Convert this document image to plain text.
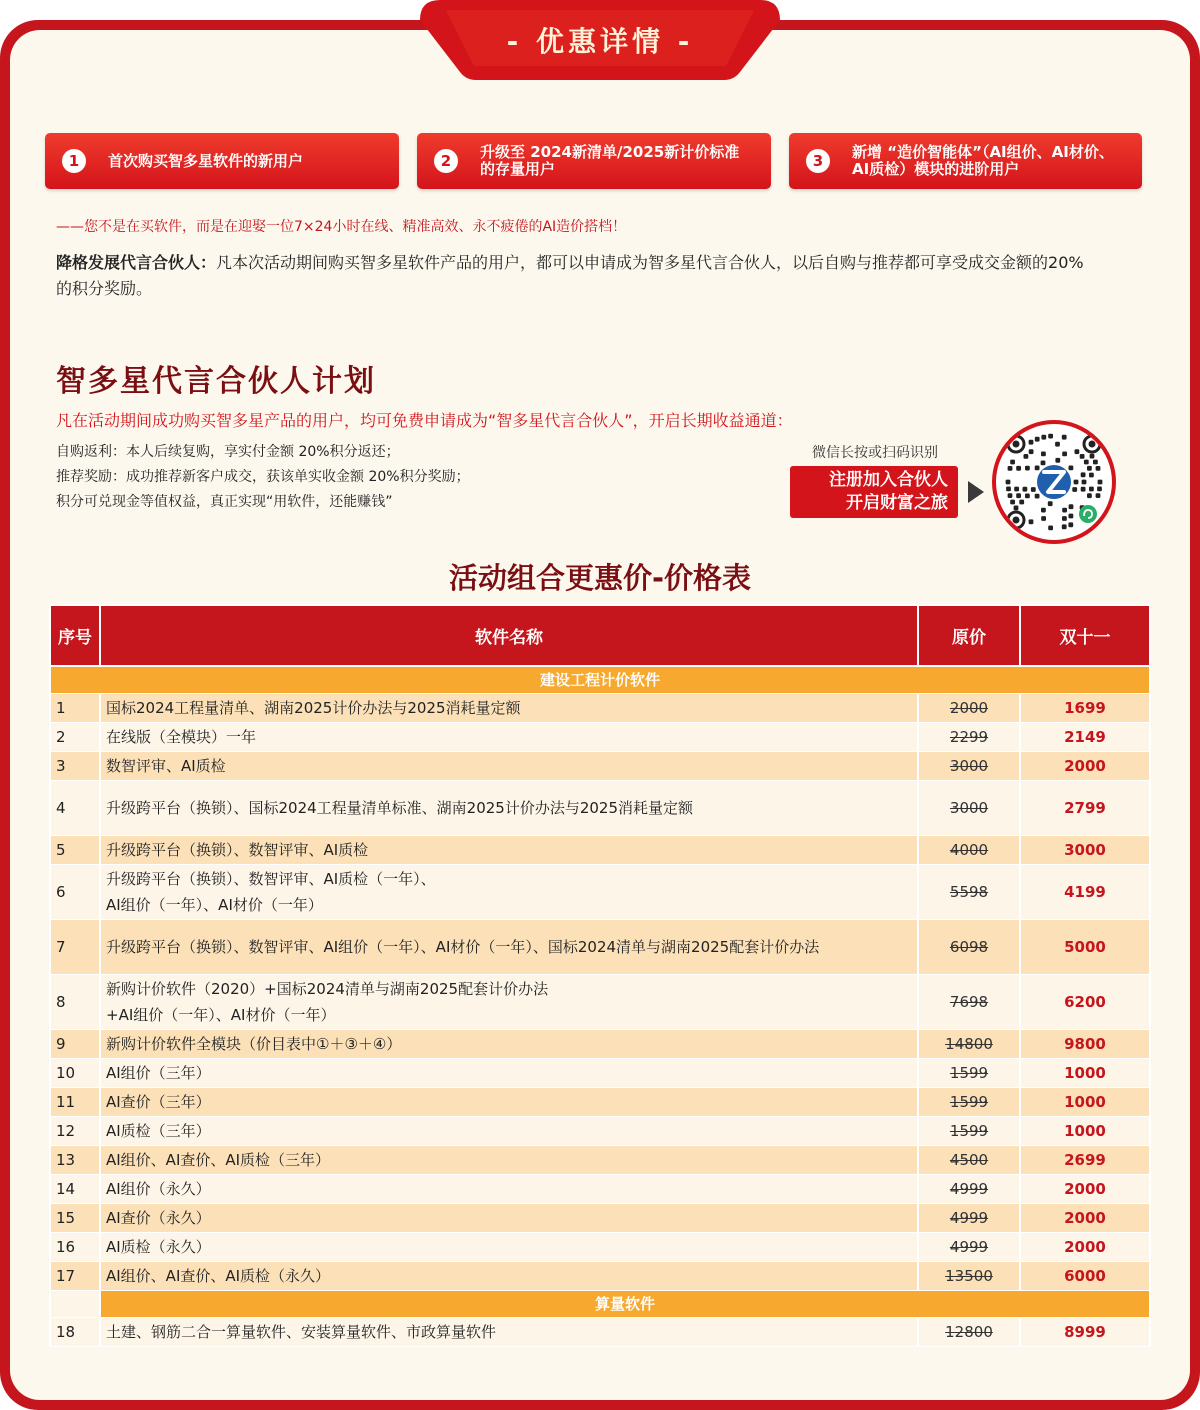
- 优惠详情 -
1	首次购买智多星软件的新用户	2	升级至 2024新清单/2025新计价标准 的存量用户	3	新增 “造价智能体”（AI组价、AI材价、AI质检）模块的进阶用户
——您不是在买软件，而是在迎娶一位7×24小时在线、精准高效、永不疲倦的AI造价搭档！
降格发展代言合伙人：凡本次活动期间购买智多星软件产品的用户，都可以申请成为智多星代言合伙人，以后自购与推荐都可享受成交金额的20%的积分奖励。
智多星代言合伙人计划
凡在活动期间成功购买智多星产品的用户，均可免费申请成为“智多星代言合伙人”，开启长期收益通道：
自购返利：本人后续复购，享实付金额 20%积分返还；
推荐奖励：成功推荐新客户成交，获该单实收金额 20%积分奖励；
积分可兑现金等值权益，真正实现“用软件，还能赚钱”
微信长按或扫码识别
注册加入合伙人
开启财富之旅
活动组合更惠价-价格表
序号	软件名称	原价	双十一
建设工程计价软件			
1	国标2024工程量清单、湖南2025计价办法与2025消耗量定额	2000	1699
2	在线版（全模块）一年	2299	2149
3	数智评审、AI质检	3000	2000
4	升级跨平台（换锁）、国标2024工程量清单标准、湖南2025计价办法与2025消耗量定额	3000	2799
5	升级跨平台（换锁）、数智评审、AI质检	4000	3000
6	升级跨平台（换锁）、数智评审、AI质检（一年）、
AI组价（一年）、AI材价（一年）	5598	4199
7	升级跨平台（换锁）、数智评审、AI组价（一年）、AI材价（一年）、国标2024清单与湖南2025配套计价办法	6098	5000
8	新购计价软件（2020）+国标2024清单与湖南2025配套计价办法
+AI组价（一年）、AI材价（一年）	7698	6200
9	新购计价软件全模块（价目表中①＋③＋④）	14800	9800
10	AI组价（三年）	1599	1000
11	AI查价（三年）	1599	1000
12	AI质检（三年）	1599	1000
13	AI组价、AI查价、AI质检（三年）	4500	2699
14	AI组价（永久）	4999	2000
15	AI查价（永久）	4999	2000
16	AI质检（永久）	4999	2000
17	AI组价、AI查价、AI质检（永久）	13500	6000
	算量软件		
18	土建、钢筋二合一算量软件、安装算量软件、市政算量软件	12800	8999
